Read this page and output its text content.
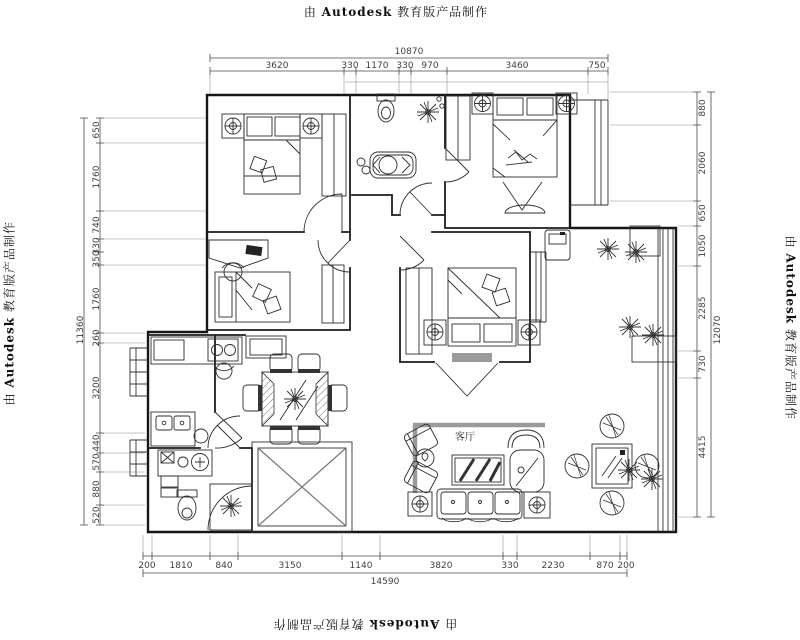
由 Autodesk 教育版产品制作
由 Autodesk 教育版产品制作
由 Autodesk 教育版产品制作	由 Autodesk 教育版产品制作
客厅
10870
3620	330 1170 330 970	3460	750
200 1810	840	3150	1140	3820	330	2230	870 200
14590
650
1760
740
330
350
1760
260
3200
440
570
880
520
11360
880
2060
650
1050
2285
730
4415
12070
